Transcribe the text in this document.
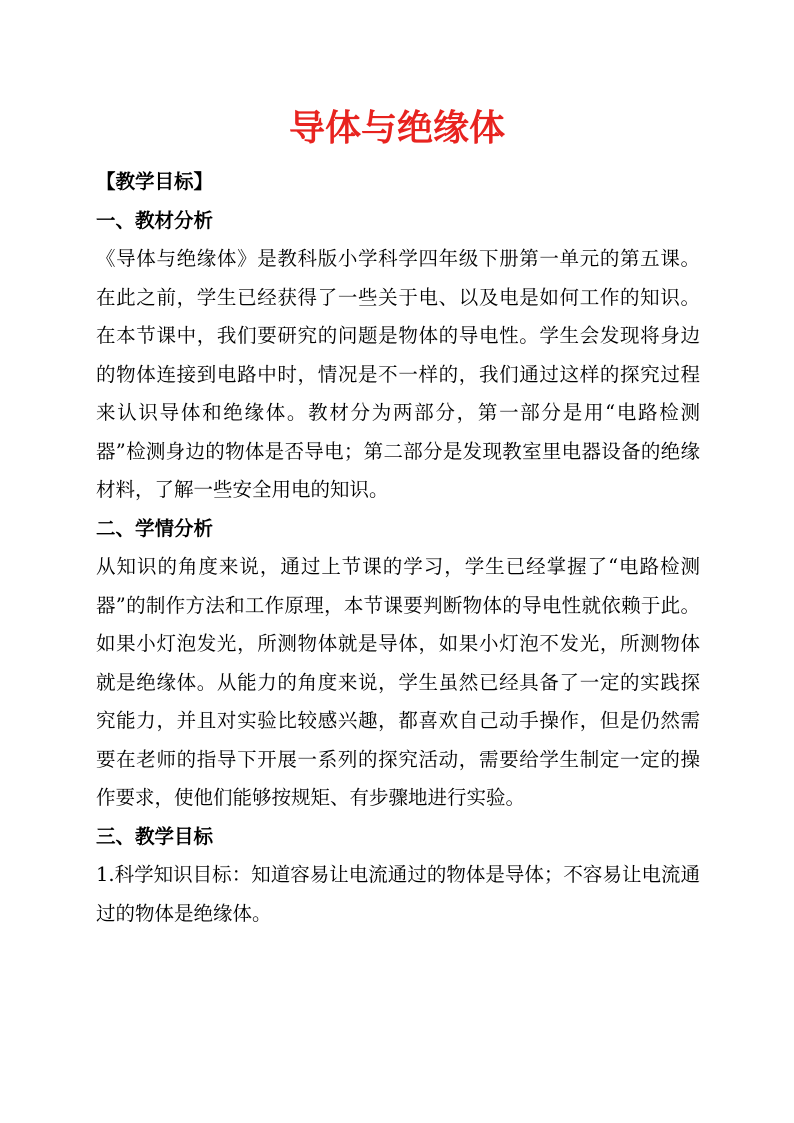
导体与绝缘体

【教学目标】

一、教材分析

《导体与绝缘体》是教科版小学科学四年级下册第一单元的第五课。在此之前，学生已经获得了一些关于电、以及电是如何工作的知识。在本节课中，我们要研究的问题是物体的导电性。学生会发现将身边的物体连接到电路中时，情况是不一样的，我们通过这样的探究过程来认识导体和绝缘体。教材分为两部分，第一部分是用“电路检测器”检测身边的物体是否导电；第二部分是发现教室里电器设备的绝缘材料，了解一些安全用电的知识。

二、学情分析

从知识的角度来说，通过上节课的学习，学生已经掌握了“电路检测器”的制作方法和工作原理，本节课要判断物体的导电性就依赖于此。如果小灯泡发光，所测物体就是导体，如果小灯泡不发光，所测物体就是绝缘体。从能力的角度来说，学生虽然已经具备了一定的实践探究能力，并且对实验比较感兴趣，都喜欢自己动手操作，但是仍然需要在老师的指导下开展一系列的探究活动，需要给学生制定一定的操作要求，使他们能够按规矩、有步骤地进行实验。

三、教学目标

1.科学知识目标：知道容易让电流通过的物体是导体；不容易让电流通过的物体是绝缘体。
